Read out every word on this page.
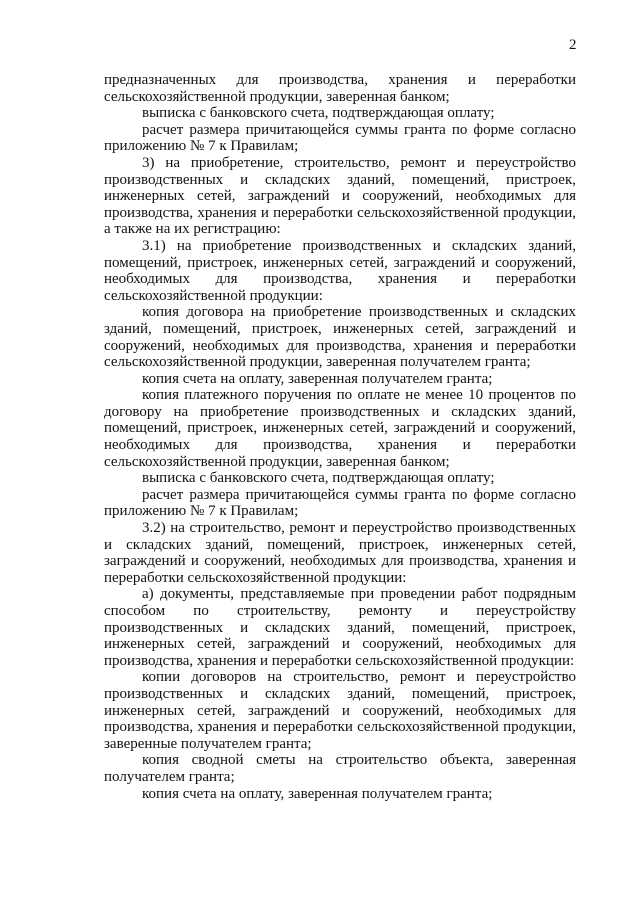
2

предназначенных для производства, хранения и переработки сельскохозяйственной продукции, заверенная банком;

выписка с банковского счета, подтверждающая оплату;

расчет размера причитающейся суммы гранта по форме согласно приложению № 7 к Правилам;

3) на приобретение, строительство, ремонт и переустройство производственных и складских зданий, помещений, пристроек, инженерных сетей, заграждений и сооружений, необходимых для производства, хранения и переработки сельскохозяйственной продукции, а также на их регистрацию:

3.1) на приобретение производственных и складских зданий, помещений, пристроек, инженерных сетей, заграждений и сооружений, необходимых для производства, хранения и переработки сельскохозяйственной продукции:

копия договора на приобретение производственных и складских зданий, помещений, пристроек, инженерных сетей, заграждений и сооружений, необходимых для производства, хранения и переработки сельскохозяйственной продукции, заверенная получателем гранта;

копия счета на оплату, заверенная получателем гранта;

копия платежного поручения по оплате не менее 10 процентов по договору на приобретение производственных и складских зданий, помещений, пристроек, инженерных сетей, заграждений и сооружений, необходимых для производства, хранения и переработки сельскохозяйственной продукции, заверенная банком;

выписка с банковского счета, подтверждающая оплату;

расчет размера причитающейся суммы гранта по форме согласно приложению № 7 к Правилам;

3.2) на строительство, ремонт и переустройство производственных и складских зданий, помещений, пристроек, инженерных сетей, заграждений и сооружений, необходимых для производства, хранения и переработки сельскохозяйственной продукции:

а) документы, представляемые при проведении работ подрядным способом по строительству, ремонту и переустройству производственных и складских зданий, помещений, пристроек, инженерных сетей, заграждений и сооружений, необходимых для производства, хранения и переработки сельскохозяйственной продукции:

копии договоров на строительство, ремонт и переустройство производственных и складских зданий, помещений, пристроек, инженерных сетей, заграждений и сооружений, необходимых для производства, хранения и переработки сельскохозяйственной продукции, заверенные получателем гранта;

копия сводной сметы на строительство объекта, заверенная получателем гранта;

копия счета на оплату, заверенная получателем гранта;
